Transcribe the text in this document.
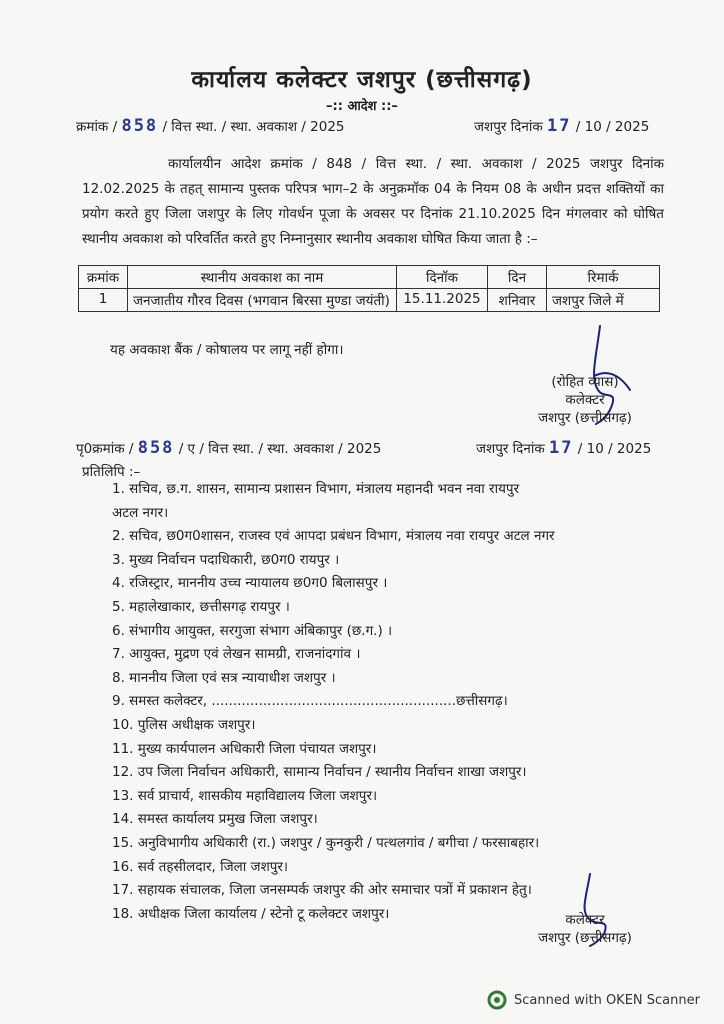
कार्यालय कलेक्टर जशपुर (छत्तीसगढ़)
–:: आदेश ::–
क्रमांक / 858 / वित्त स्था. / स्था. अवकाश / 2025	जशपुर दिनांक 17 / 10 / 2025
कार्यालयीन आदेश क्रमांक / 848 / वित्त स्था. / स्था. अवकाश / 2025 जशपुर दिनांक 12.02.2025 के तहत् सामान्य पुस्तक परिपत्र भाग–2 के अनुक्रमॉक 04 के नियम 08 के अधीन प्रदत्त शक्तियों का प्रयोग करते हुए जिला जशपुर के लिए गोवर्धन पूजा के अवसर पर दिनांक 21.10.2025 दिन मंगलवार को घोषित स्थानीय अवकाश को परिवर्तित करते हुए निम्नानुसार स्थानीय अवकाश घोषित किया जाता है :–
क्रमांक	स्थानीय अवकाश का नाम	दिनॉक	दिन	रिमार्क
1	जनजातीय गौरव दिवस (भगवान बिरसा मुण्डा जयंती)	15.11.2025	शनिवार	जशपुर जिले में
यह अवकाश बैंक / कोषालय पर लागू नहीं होगा।
(रोहित व्यास)
कलेक्टर
जशपुर (छत्तीसगढ़)
पृ0क्रमांक / 858 / ए / वित्त स्था. / स्था. अवकाश / 2025	जशपुर दिनांक 17 / 10 / 2025
प्रतिलिपि :–
1. सचिव, छ.ग. शासन, सामान्य प्रशासन विभाग, मंत्रालय महानदी भवन नवा रायपुर
अटल नगर।
2. सचिव, छ0ग0शासन, राजस्व एवं आपदा प्रबंधन विभाग, मंत्रालय नवा रायपुर अटल नगर
3. मुख्य निर्वाचन पदाधिकारी, छ0ग0 रायपुर ।
4. रजिस्ट्रार, माननीय उच्च न्यायालय छ0ग0 बिलासपुर ।
5. महालेखाकार, छत्तीसगढ़ रायपुर ।
6. संभागीय आयुक्त, सरगुजा संभाग अंबिकापुर (छ.ग.) ।
7. आयुक्त, मुद्रण एवं लेखन सामग्री, राजनांदगांव ।
8. माननीय जिला एवं सत्र न्यायाधीश जशपुर ।
9. समस्त कलेक्टर, .........................................................छत्तीसगढ़।
10. पुलिस अधीक्षक जशपुर।
11. मुख्य कार्यपालन अधिकारी जिला पंचायत जशपुर।
12. उप जिला निर्वाचन अधिकारी, सामान्य निर्वाचन / स्थानीय निर्वाचन शाखा जशपुर।
13. सर्व प्राचार्य, शासकीय महाविद्यालय जिला जशपुर।
14. समस्त कार्यालय प्रमुख जिला जशपुर।
15. अनुविभागीय अधिकारी (रा.) जशपुर / कुनकुरी / पत्थलगांव / बगीचा / फरसाबहार।
16. सर्व तहसीलदार, जिला जशपुर।
17. सहायक संचालक, जिला जनसम्पर्क जशपुर की ओर समाचार पत्रों में प्रकाशन हेतु।
18. अधीक्षक जिला कार्यालय / स्टेनो टू कलेक्टर जशपुर।	कलेक्टर
जशपुर (छत्तीसगढ़)
Scanned with OKEN Scanner
